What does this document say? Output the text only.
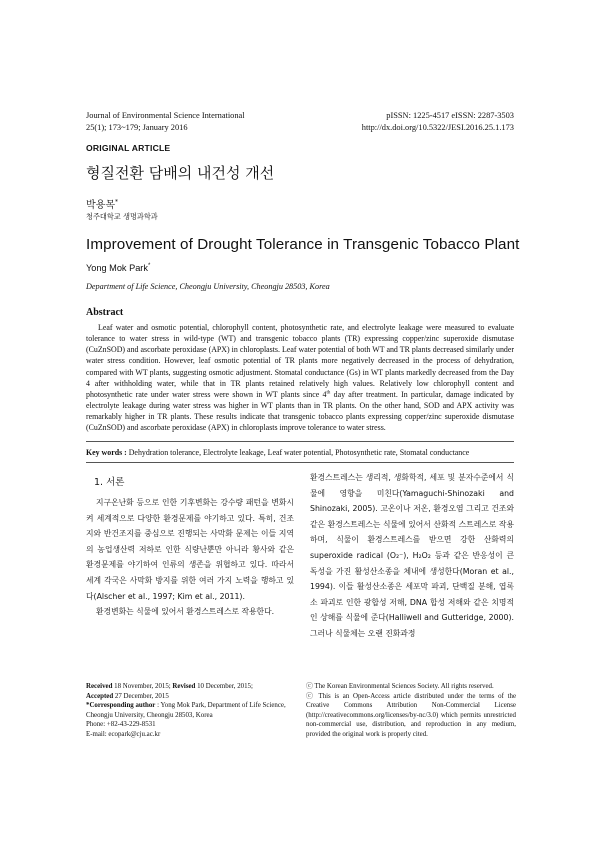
Journal of Environmental Science International
25(1); 173~179; January 2016
pISSN: 1225-4517 eISSN: 2287-3503
http://dx.doi.org/10.5322/JESI.2016.25.1.173
ORIGINAL ARTICLE
형질전환 담배의 내건성 개선
박용목*
청주대학교 생명과학과
Improvement of Drought Tolerance in Transgenic Tobacco Plant
Yong Mok Park*
Department of Life Science, Cheongju University, Cheongju 28503, Korea
Abstract
Leaf water and osmotic potential, chlorophyll content, photosynthetic rate, and electrolyte leakage were measured to evaluate tolerance to water stress in wild-type (WT) and transgenic tobacco plants (TR) expressing copper/zinc superoxide dismutase (CuZnSOD) and ascorbate peroxidase (APX) in chloroplasts. Leaf water potential of both WT and TR plants decreased similarly under water stress condition. However, leaf osmotic potential of TR plants more negatively decreased in the process of dehydration, compared with WT plants, suggesting osmotic adjustment. Stomatal conductance (Gs) in WT plants markedly decreased from the Day 4 after withholding water, while that in TR plants retained relatively high values. Relatively low chlorophyll content and photosynthetic rate under water stress were shown in WT plants since 4th day after treatment. In particular, damage indicated by electrolyte leakage during water stress was higher in WT plants than in TR plants. On the other hand, SOD and APX activity was remarkably higher in TR plants. These results indicate that transgenic tobacco plants expressing copper/zinc superoxide dismutase (CuZnSOD) and ascorbate peroxidase (APX) in chloroplasts improve tolerance to water stress.
Key words : Dehydration tolerance, Electrolyte leakage, Leaf water potential, Photosynthetic rate, Stomatal conductance
1. 서론

지구온난화 등으로 인한 기후변화는 강수량 패턴을 변화시켜 세계적으로 다양한 환경문제를 야기하고 있다. 특히, 건조지와 반건조지를 중심으로 진행되는 사막화 문제는 이들 지역의 농업생산력 저하로 인한 식량난뿐만 아니라 황사와 같은 환경문제를 야기하여 인류의 생존을 위협하고 있다. 따라서 세계 각국은 사막화 방지를 위한 여러 가지 노력을 행하고 있다(Alscher et al., 1997; Kim et al., 2011).

환경변화는 식물에 있어서 환경스트레스로 작용한다.

환경스트레스는 생리적, 생화학적, 세포 및 분자수준에서 식물에 영향을 미친다(Yamaguchi-Shinozaki and Shinozaki, 2005). 고온이나 저온, 환경오염 그리고 건조와 같은 환경스트레스는 식물에 있어서 산화적 스트레스로 작용하며, 식물이 환경스트레스를 받으면 강한 산화력의 superoxide radical (O₂⁻), H₂O₂ 등과 같은 반응성이 큰 독성을 가진 활성산소종을 체내에 생성한다(Moran et al., 1994). 이들 활성산소종은 세포막 파괴, 단백질 분해, 엽록소 파괴로 인한 광합성 저해, DNA 합성 저해와 같은 치명적인 상해를 식물에 준다(Halliwell and Gutteridge, 2000). 그러나 식물체는 오랜 진화과정

Received 18 November, 2015; Revised 10 December, 2015;
Accepted 27 December, 2015
*Corresponding author : Yong Mok Park, Department of Life Science, Cheongju University, Cheongju 28503, Korea
Phone: +82-43-229-8531
E-mail: ecopark@cju.ac.kr
ⓒ The Korean Environmental Sciences Society. All rights reserved.
ⓒ This is an Open-Access article distributed under the terms of the Creative Commons Attribution Non-Commercial License (http://creativecommons.org/licenses/by-nc/3.0) which permits unrestricted non-commercial use, distribution, and reproduction in any medium, provided the original work is properly cited.
